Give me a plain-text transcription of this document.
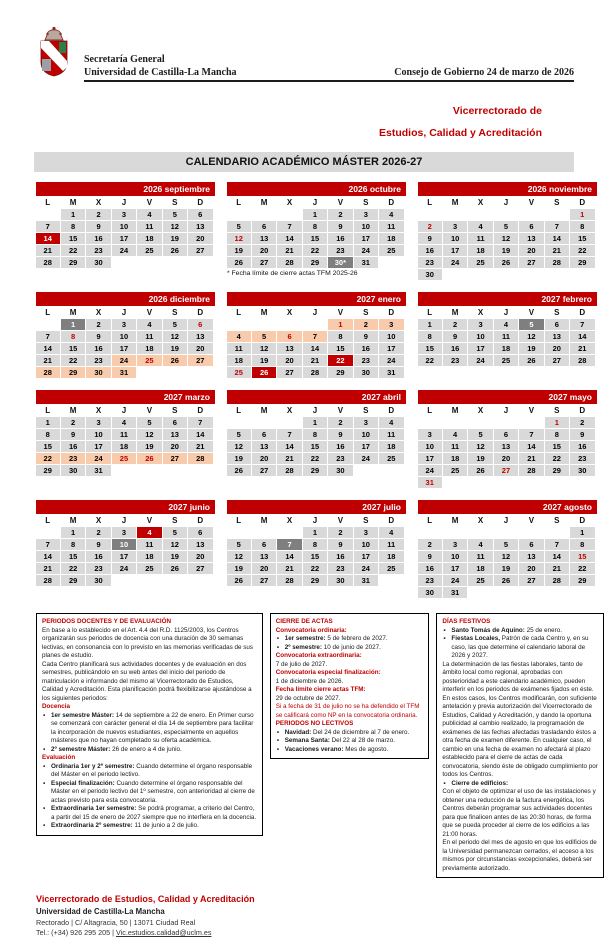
Secretaría General
Universidad de Castilla-La Mancha	Consejo de Gobierno 24 de marzo de 2026
Vicerrectorado de
Estudios, Calidad y Acreditación
CALENDARIO ACADÉMICO MÁSTER 2026-27
2026 septiembre
L	M	X	J	V	S	D
	1	2	3	4	5	6
7	8	9	10	11	12	13
14	15	16	17	18	19	20
21	22	23	24	25	26	27
28	29	30				
2026 octubre
L	M	X	J	V	S	D
			1	2	3	4
5	6	7	8	9	10	11
12	13	14	15	16	17	18
19	20	21	22	23	24	25
26	27	28	29	30*	31	
* Fecha límite de cierre actas TFM 2025-26
2026 noviembre
L	M	X	J	V	S	D
						1
2	3	4	5	6	7	8
9	10	11	12	13	14	15
16	17	18	19	20	21	22
23	24	25	26	27	28	29
30						
2026 diciembre
L	M	X	J	V	S	D
	1	2	3	4	5	6
7	8	9	10	11	12	13
14	15	16	17	18	19	20
21	22	23	24	25	26	27
28	29	30	31			
2027 enero
L	M	X	J	V	S	D
				1	2	3
4	5	6	7	8	9	10
11	12	13	14	15	16	17
18	19	20	21	22	23	24
25	26	27	28	29	30	31
2027 febrero
L	M	X	J	V	S	D
1	2	3	4	5	6	7
8	9	10	11	12	13	14
15	16	17	18	19	20	21
22	23	24	25	26	27	28
2027 marzo
L	M	X	J	V	S	D
1	2	3	4	5	6	7
8	9	10	11	12	13	14
15	16	17	18	19	20	21
22	23	24	25	26	27	28
29	30	31				
2027 abril
L	M	X	J	V	S	D
			1	2	3	4
5	6	7	8	9	10	11
12	13	14	15	16	17	18
19	20	21	22	23	24	25
26	27	28	29	30		
2027 mayo
L	M	X	J	V	S	D
					1	2
3	4	5	6	7	8	9
10	11	12	13	14	15	16
17	18	19	20	21	22	23
24	25	26	27	28	29	30
31						
2027 junio
L	M	X	J	V	S	D
	1	2	3	4	5	6
7	8	9	10	11	12	13
14	15	16	17	18	19	20
21	22	23	24	25	26	27
28	29	30				
2027 julio
L	M	X	J	V	S	D
			1	2	3	4
5	6	7	8	9	10	11
12	13	14	15	16	17	18
19	20	21	22	23	24	25
26	27	28	29	30	31	
2027 agosto
L	M	X	J	V	S	D
						1
2	3	4	5	6	7	8
9	10	11	12	13	14	15
16	17	18	19	20	21	22
23	24	25	26	27	28	29
30	31					
PERIODOS DOCENTES Y DE EVALUACIÓN
En base a lo establecido en el Art. 4.4 del R.D. 1125/2003, los Centros organizarán sus periodos de docencia con una duración de 30 semanas lectivas, en consonancia con lo previsto en las memorias verificadas de sus planes de estudio.
Cada Centro planificará sus actividades docentes y de evaluación en dos semestres, publicándolo en su web antes del inicio del periodo de matriculación e informando del mismo al Vicerrectorado de Estudios, Calidad y Acreditación. Esta planificación podrá flexibilizarse ajustándose a los siguientes periodos:
Docencia
▪ 1er semestre Máster: 14 de septiembre a 22 de enero. En Primer curso se comenzará con carácter general el día 14 de septiembre para facilitar la incorporación de nuevos estudiantes, especialmente en aquellos másteres que no hayan completado su oferta académica.
▪ 2º semestre Máster: 26 de enero a 4 de junio.
Evaluación
▪ Ordinaria 1er y 2º semestre: Cuando determine el órgano responsable del Máster en el periodo lectivo.
▪ Especial finalización: Cuando determine el órgano responsable del Máster en el periodo lectivo del 1º semestre, con anterioridad al cierre de actas previsto para esta convocatoria.
▪ Extraordinaria 1er semestre: Se podrá programar, a criterio del Centro, a partir del 15 de enero de 2027 siempre que no interfiera en la docencia.
▪ Extraordinaria 2º semestre: 11 de junio a 2 de julio.
CIERRE DE ACTAS
Convocatoria ordinaria:
▪ 1er semestre: 5 de febrero de 2027.
▪ 2º semestre: 10 de junio de 2027.
Convocatoria extraordinaria:
7 de julio de 2027.
Convocatoria especial finalización:
1 de diciembre de 2026.
Fecha límite cierre actas TFM:
29 de octubre de 2027.
Si a fecha de 31 de julio no se ha defendido el TFM se calificará como NP en la convocatoria ordinaria.
PERIODOS NO LECTIVOS
▪ Navidad: Del 24 de diciembre al 7 de enero.
▪ Semana Santa: Del 22 al 28 de marzo.
▪ Vacaciones verano: Mes de agosto.
DÍAS FESTIVOS
▪ Santo Tomás de Aquino: 25 de enero.
▪ Fiestas Locales, Patrón de cada Centro y, en su caso, las que determine el calendario laboral de 2026 y 2027.
La determinación de las fiestas laborales, tanto de ámbito local como regional, aprobadas con posterioridad a este calendario académico, pueden interferir en los periodos de exámenes fijados en éste. En estos casos, los Centros modificarán, con suficiente antelación y previa autorización del Vicerrectorado de Estudios, Calidad y Acreditación, y dando la oportuna publicidad al cambio realizado, la programación de exámenes de las fechas afectadas trasladando éstos a otra fecha de examen diferente. En cualquier caso, el cambio en una fecha de examen no afectará al plazo establecido para el cierre de actas de cada convocatoria, siendo éste de obligado cumplimiento por todos los Centros.
▪ Cierre de edificios:
Con el objeto de optimizar el uso de las instalaciones y obtener una reducción de la factura energética, los Centros deberán programar sus actividades docentes para que finalicen antes de las 20:30 horas, de forma que se pueda proceder al cierre de los edificios a las 21:00 horas.
En el periodo del mes de agosto en que los edificios de la Universidad permanezcan cerrados, el acceso a los mismos por circunstancias excepcionales, deberá ser previamente autorizado.
Vicerrectorado de Estudios, Calidad y Acreditación
Universidad de Castilla-La Mancha
Rectorado | C/ Altagracia, 50 | 13071 Ciudad Real
Tel.: (+34) 926 295 205 | Vic.estudios.calidad@uclm.es
